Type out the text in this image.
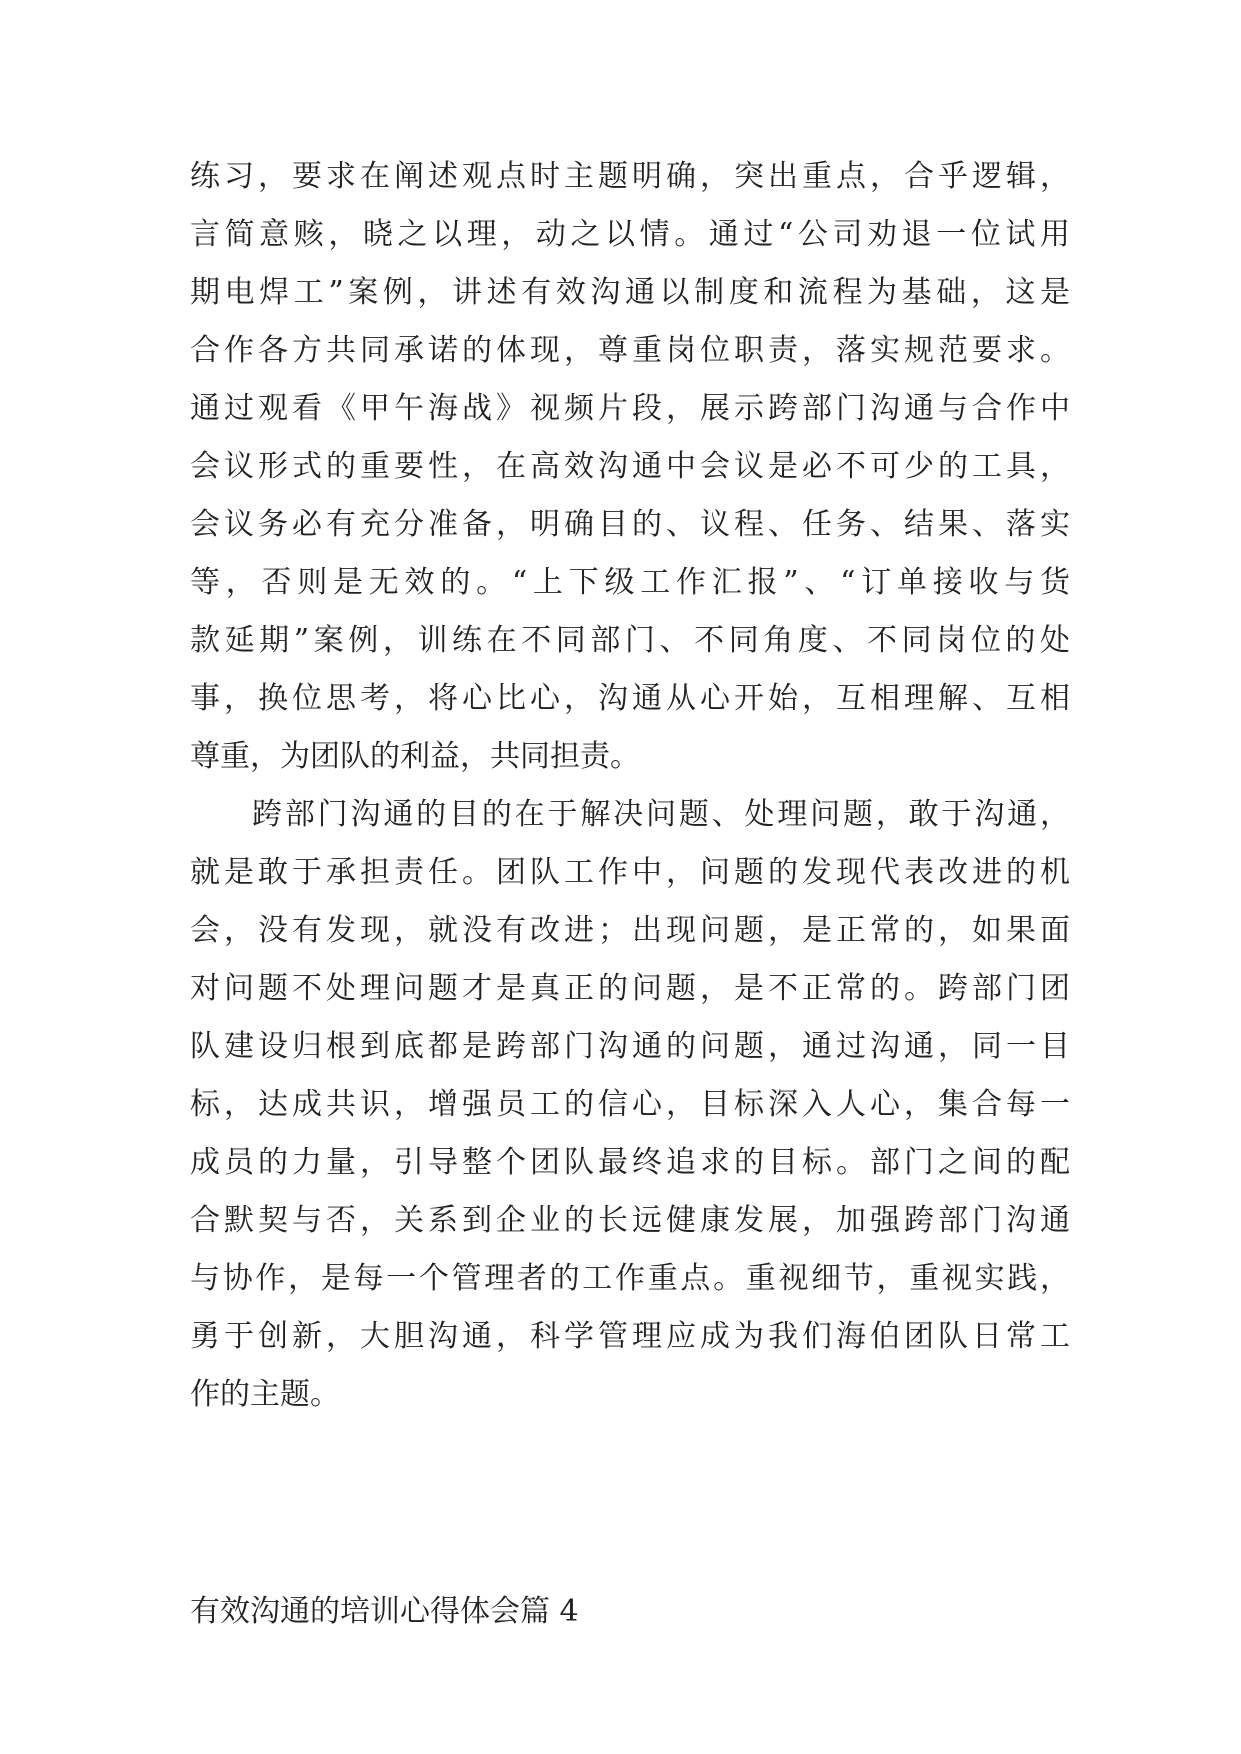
练习，要求在阐述观点时主题明确，突出重点，合乎逻辑，
言简意赅，晓之以理，动之以情。通过“公司劝退一位试用
期电焊工”案例，讲述有效沟通以制度和流程为基础，这是
合作各方共同承诺的体现，尊重岗位职责，落实规范要求。
通过观看《甲午海战》视频片段，展示跨部门沟通与合作中
会议形式的重要性，在高效沟通中会议是必不可少的工具，
会议务必有充分准备，明确目的、议程、任务、结果、落实
等，否则是无效的。“上下级工作汇报”、“订单接收与货
款延期”案例，训练在不同部门、不同角度、不同岗位的处
事，换位思考，将心比心，沟通从心开始，互相理解、互相
尊重，为团队的利益，共同担责。
跨部门沟通的目的在于解决问题、处理问题，敢于沟通，
就是敢于承担责任。团队工作中，问题的发现代表改进的机
会，没有发现，就没有改进；出现问题，是正常的，如果面
对问题不处理问题才是真正的问题，是不正常的。跨部门团
队建设归根到底都是跨部门沟通的问题，通过沟通，同一目
标，达成共识，增强员工的信心，目标深入人心，集合每一
成员的力量，引导整个团队最终追求的目标。部门之间的配
合默契与否，关系到企业的长远健康发展，加强跨部门沟通
与协作，是每一个管理者的工作重点。重视细节，重视实践，
勇于创新，大胆沟通，科学管理应成为我们海伯团队日常工
作的主题。
有效沟通的培训心得体会篇 4
